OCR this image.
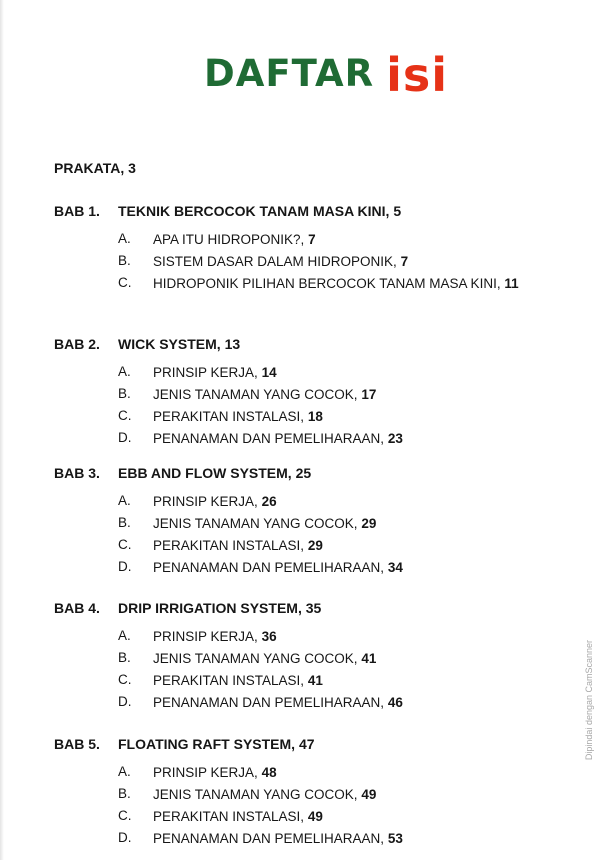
DAFTAR isi
PRAKATA, 3
BAB 1. TEKNIK BERCOCOK TANAM MASA KINI, 5
A. APA ITU HIDROPONIK?, 7
B. SISTEM DASAR DALAM HIDROPONIK, 7
C. HIDROPONIK PILIHAN BERCOCOK TANAM MASA KINI, 11
BAB 2. WICK SYSTEM, 13
A. PRINSIP KERJA, 14
B. JENIS TANAMAN YANG COCOK, 17
C. PERAKITAN INSTALASI, 18
D. PENANAMAN DAN PEMELIHARAAN, 23
BAB 3. EBB AND FLOW SYSTEM, 25
A. PRINSIP KERJA, 26
B. JENIS TANAMAN YANG COCOK, 29
C. PERAKITAN INSTALASI, 29
D. PENANAMAN DAN PEMELIHARAAN, 34
BAB 4. DRIP IRRIGATION SYSTEM, 35
A. PRINSIP KERJA, 36
B. JENIS TANAMAN YANG COCOK, 41
C. PERAKITAN INSTALASI, 41
D. PENANAMAN DAN PEMELIHARAAN, 46
BAB 5. FLOATING RAFT SYSTEM, 47
A. PRINSIP KERJA, 48
B. JENIS TANAMAN YANG COCOK, 49
C. PERAKITAN INSTALASI, 49
D. PENANAMAN DAN PEMELIHARAAN, 53
Dipindai dengan CamScanner
